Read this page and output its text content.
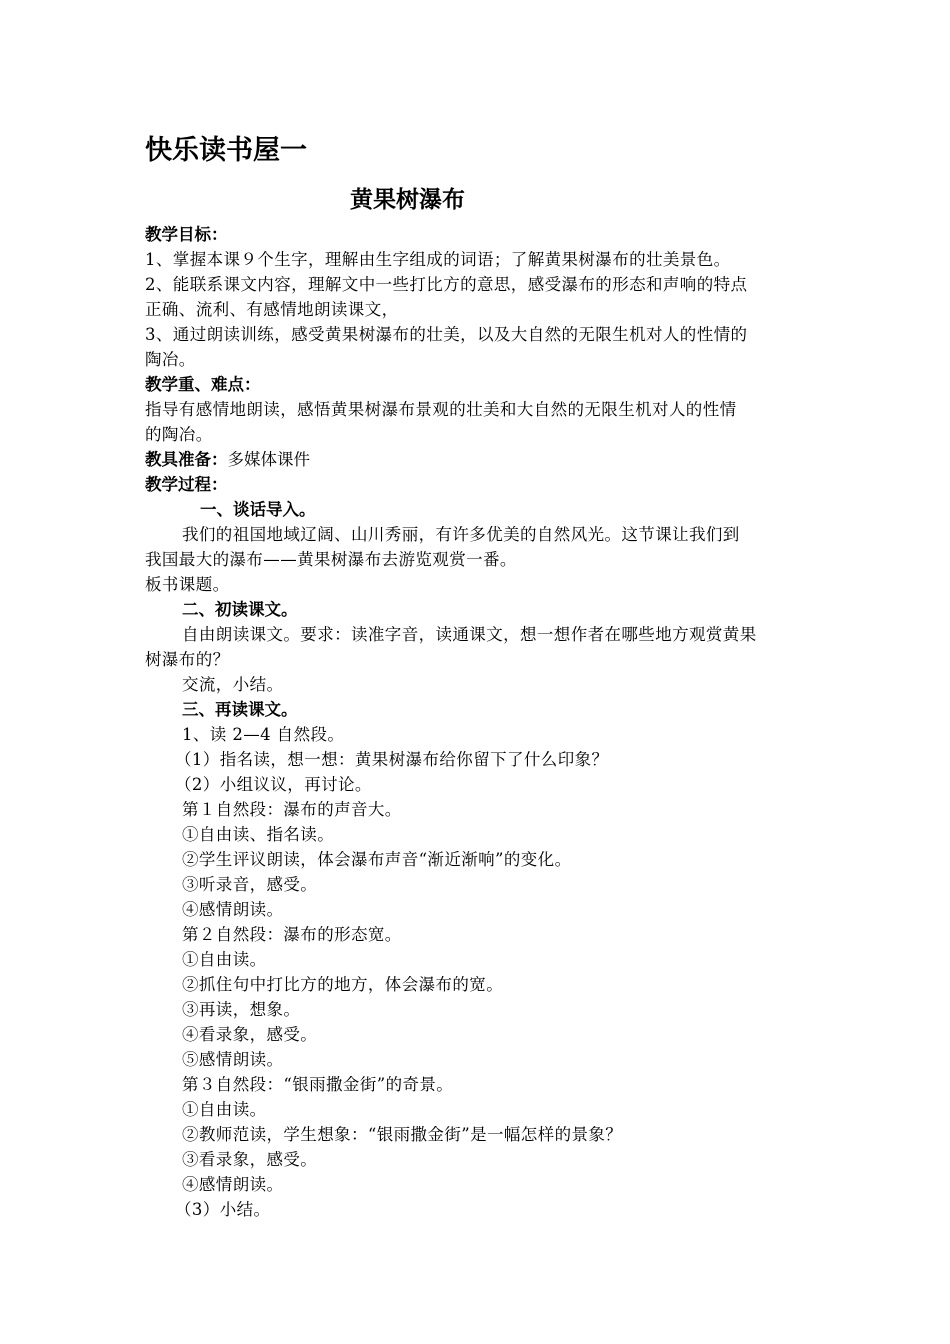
快乐读书屋一
黄果树瀑布
教学目标：
1、掌握本课９个生字，理解由生字组成的词语；了解黄果树瀑布的壮美景色。
2、能联系课文内容，理解文中一些打比方的意思，感受瀑布的形态和声响的特点
正确、流利、有感情地朗读课文，
3、通过朗读训练，感受黄果树瀑布的壮美，以及大自然的无限生机对人的性情的
陶冶。
教学重、难点：
指导有感情地朗读，感悟黄果树瀑布景观的壮美和大自然的无限生机对人的性情
的陶冶。
教具准备：多媒体课件
教学过程：
一、谈话导入。
我们的祖国地域辽阔、山川秀丽，有许多优美的自然风光。这节课让我们到
我国最大的瀑布——黄果树瀑布去游览观赏一番。
板书课题。
二、初读课文。
自由朗读课文。要求：读准字音，读通课文，想一想作者在哪些地方观赏黄果
树瀑布的？
交流，小结。
三、再读课文。
1、读 2—4 自然段。
（1）指名读，想一想：黄果树瀑布给你留下了什么印象？
（2）小组议议，再讨论。
第１自然段：瀑布的声音大。
①自由读、指名读。
②学生评议朗读，体会瀑布声音“渐近渐响”的变化。
③听录音，感受。
④感情朗读。
第２自然段：瀑布的形态宽。
①自由读。
②抓住句中打比方的地方，体会瀑布的宽。
③再读，想象。
④看录象，感受。
⑤感情朗读。
第３自然段：“银雨撒金街”的奇景。
①自由读。
②教师范读，学生想象：“银雨撒金街”是一幅怎样的景象？
③看录象，感受。
④感情朗读。
（3）小结。
